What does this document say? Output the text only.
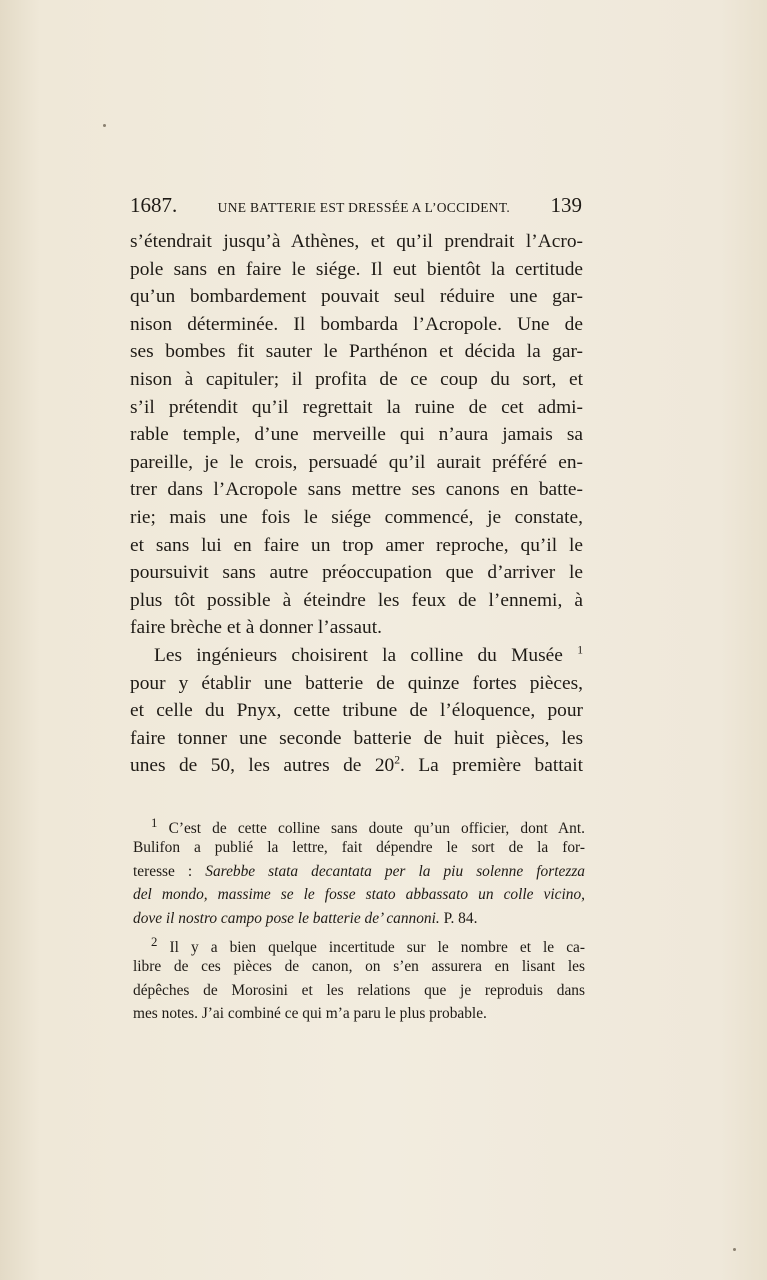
1687.	UNE BATTERIE EST DRESSÉE A L’OCCIDENT. 139
s’étendrait jusqu’à Athènes, et qu’il prendrait l’Acro-
pole sans en faire le siége. Il eut bientôt la certitude
qu’un bombardement pouvait seul réduire une gar-
nison déterminée. Il bombarda l’Acropole. Une de
ses bombes fit sauter le Parthénon et décida la gar-
nison à capituler; il profita de ce coup du sort, et
s’il prétendit qu’il regrettait la ruine de cet admi-
rable temple, d’une merveille qui n’aura jamais sa
pareille, je le crois, persuadé qu’il aurait préféré en-
trer dans l’Acropole sans mettre ses canons en batte-
rie; mais une fois le siége commencé, je constate,
et sans lui en faire un trop amer reproche, qu’il le
poursuivit sans autre préoccupation que d’arriver le
plus tôt possible à éteindre les feux de l’ennemi, à
faire brèche et à donner l’assaut.
Les ingénieurs choisirent la colline du Musée $^1$
pour y établir une batterie de quinze fortes pièces,
et celle du Pnyx, cette tribune de l’éloquence, pour
faire tonner une seconde batterie de huit pièces, les
unes de 50, les autres de $20^2$. La première battait
$^1$ C’est de cette colline sans doute qu’un officier, dont Ant.
Bulifon a publié la lettre, fait dépendre le sort de la for-
teresse : Sarebbe stata decantata per la piu solenne fortezza
del mondo, massime se le fosse stato abbassato un colle vicino,
dove il nostro campo pose le batterie de’ cannoni. P. 84.
$^2$ Il y a bien quelque incertitude sur le nombre et le ca-
libre de ces pièces de canon, on s’en assurera en lisant les
dépêches de Morosini et les relations que je reproduis dans
mes notes. J’ai combiné ce qui m’a paru le plus probable.
